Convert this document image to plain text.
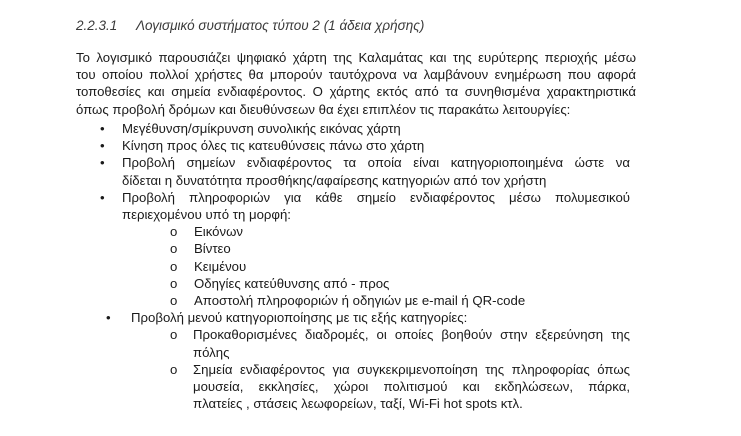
2.2.3.1 Λογισμικό συστήματος τύπου 2 (1 άδεια χρήσης)
Το λογισμικό παρουσιάζει ψηφιακό χάρτη της Καλαμάτας και της ευρύτερης περιοχής μέσω
του οποίου πολλοί χρήστες θα μπορούν ταυτόχρονα να λαμβάνουν ενημέρωση που αφορά
τοποθεσίες και σημεία ενδιαφέροντος. Ο χάρτης εκτός από τα συνηθισμένα χαρακτηριστικά
όπως προβολή δρόμων και διευθύνσεων θα έχει επιπλέον τις παρακάτω λειτουργίες:
• Μεγέθυνση/σμίκρυνση συνολικής εικόνας χάρτη
• Κίνηση προς όλες τις κατευθύνσεις πάνω στο χάρτη
• Προβολή σημείων ενδιαφέροντος τα οποία είναι κατηγοριοποιημένα ώστε να
δίδεται η δυνατότητα προσθήκης/αφαίρεσης κατηγοριών από τον χρήστη
• Προβολή πληροφοριών για κάθε σημείο ενδιαφέροντος μέσω πολυμεσικού
περιεχομένου υπό τη μορφή:
o Εικόνων
o Βίντεο
o Κειμένου
o Οδηγίες κατεύθυνσης από - προς
o Αποστολή πληροφοριών ή οδηγιών με e-mail ή QR-code
• Προβολή μενού κατηγοριοποίησης με τις εξής κατηγορίες:
o Προκαθορισμένες διαδρομές, οι οποίες βοηθούν στην εξερεύνηση της
πόλης
o Σημεία ενδιαφέροντος για συγκεκριμενοποίηση της πληροφορίας όπως
μουσεία, εκκλησίες, χώροι πολιτισμού και εκδηλώσεων, πάρκα,
πλατείες , στάσεις λεωφορείων, ταξί, Wi-Fi hot spots κτλ.
